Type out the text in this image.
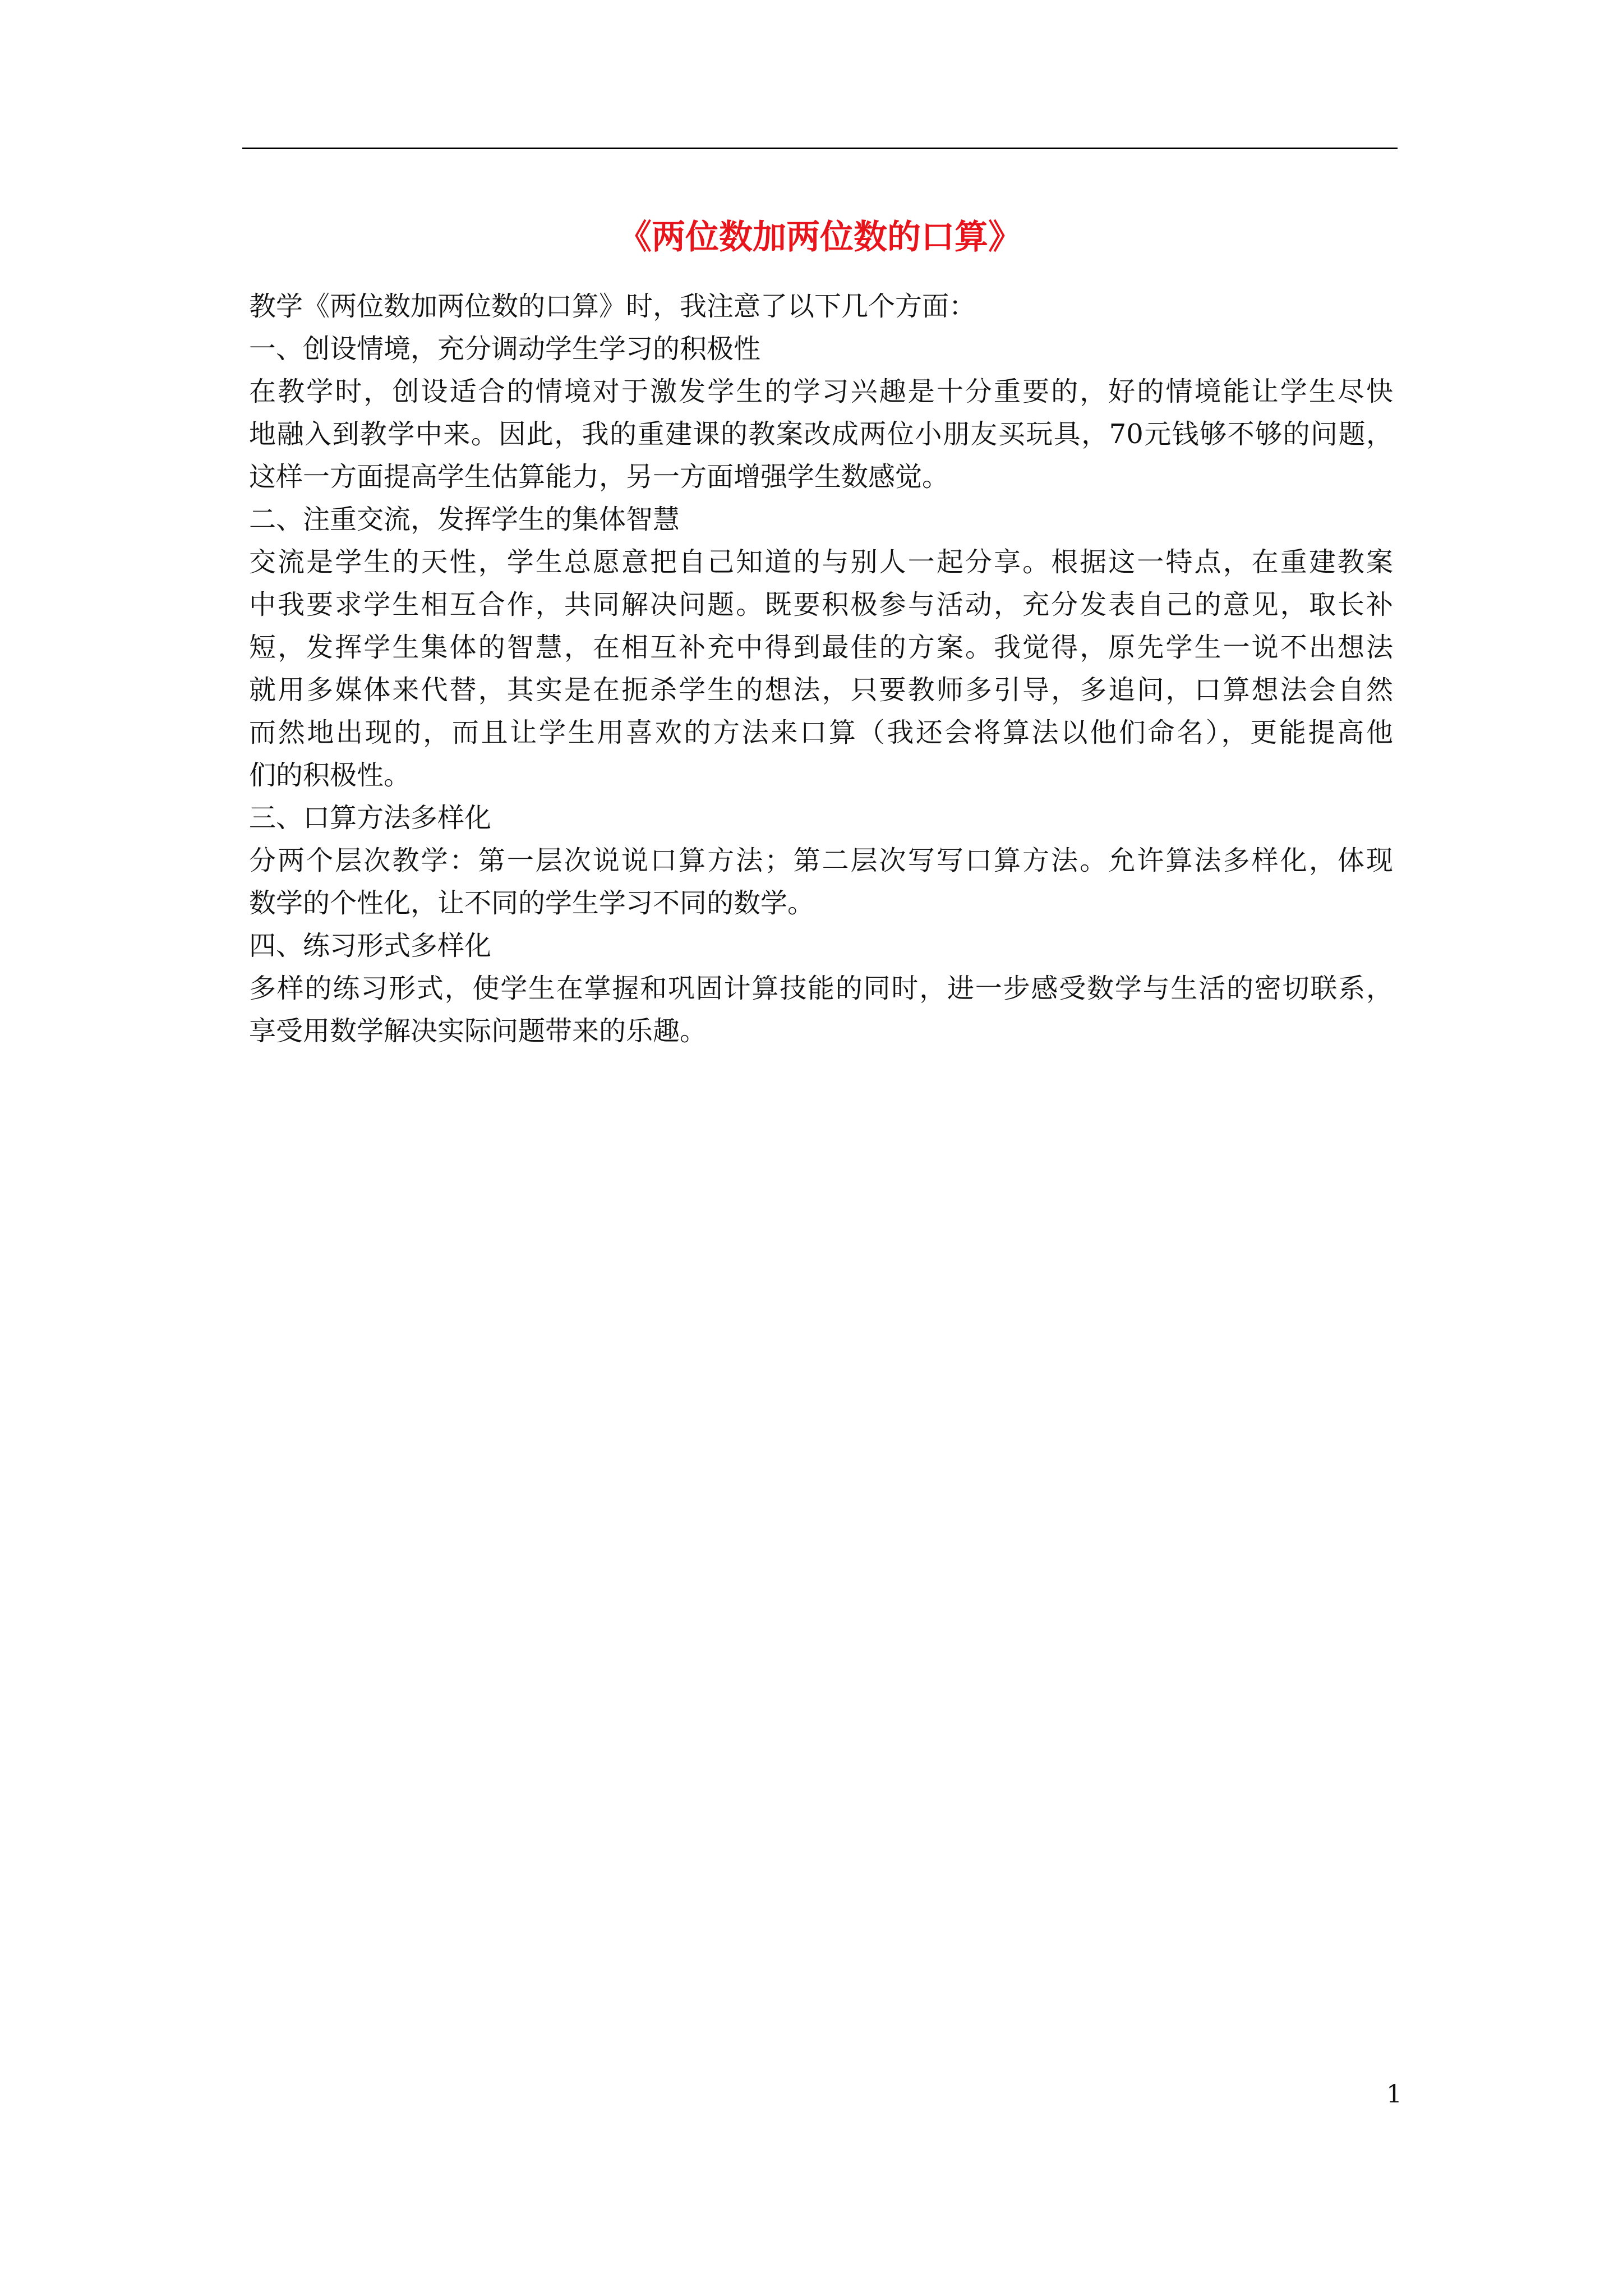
《两位数加两位数的口算》
教学《两位数加两位数的口算》时，我注意了以下几个方面：
一、创设情境，充分调动学生学习的积极性
在教学时，创设适合的情境对于激发学生的学习兴趣是十分重要的，好的情境能让学生尽快
地融入到教学中来。因此，我的重建课的教案改成两位小朋友买玩具，70元钱够不够的问题，
这样一方面提高学生估算能力，另一方面增强学生数感觉。
二、注重交流，发挥学生的集体智慧
交流是学生的天性，学生总愿意把自己知道的与别人一起分享。根据这一特点，在重建教案
中我要求学生相互合作，共同解决问题。既要积极参与活动，充分发表自己的意见，取长补
短，发挥学生集体的智慧，在相互补充中得到最佳的方案。我觉得，原先学生一说不出想法
就用多媒体来代替，其实是在扼杀学生的想法，只要教师多引导，多追问，口算想法会自然
而然地出现的，而且让学生用喜欢的方法来口算（我还会将算法以他们命名），更能提高他
们的积极性。
三、口算方法多样化
分两个层次教学：第一层次说说口算方法；第二层次写写口算方法。允许算法多样化，体现
数学的个性化，让不同的学生学习不同的数学。
四、练习形式多样化
多样的练习形式，使学生在掌握和巩固计算技能的同时，进一步感受数学与生活的密切联系，
享受用数学解决实际问题带来的乐趣。
1
